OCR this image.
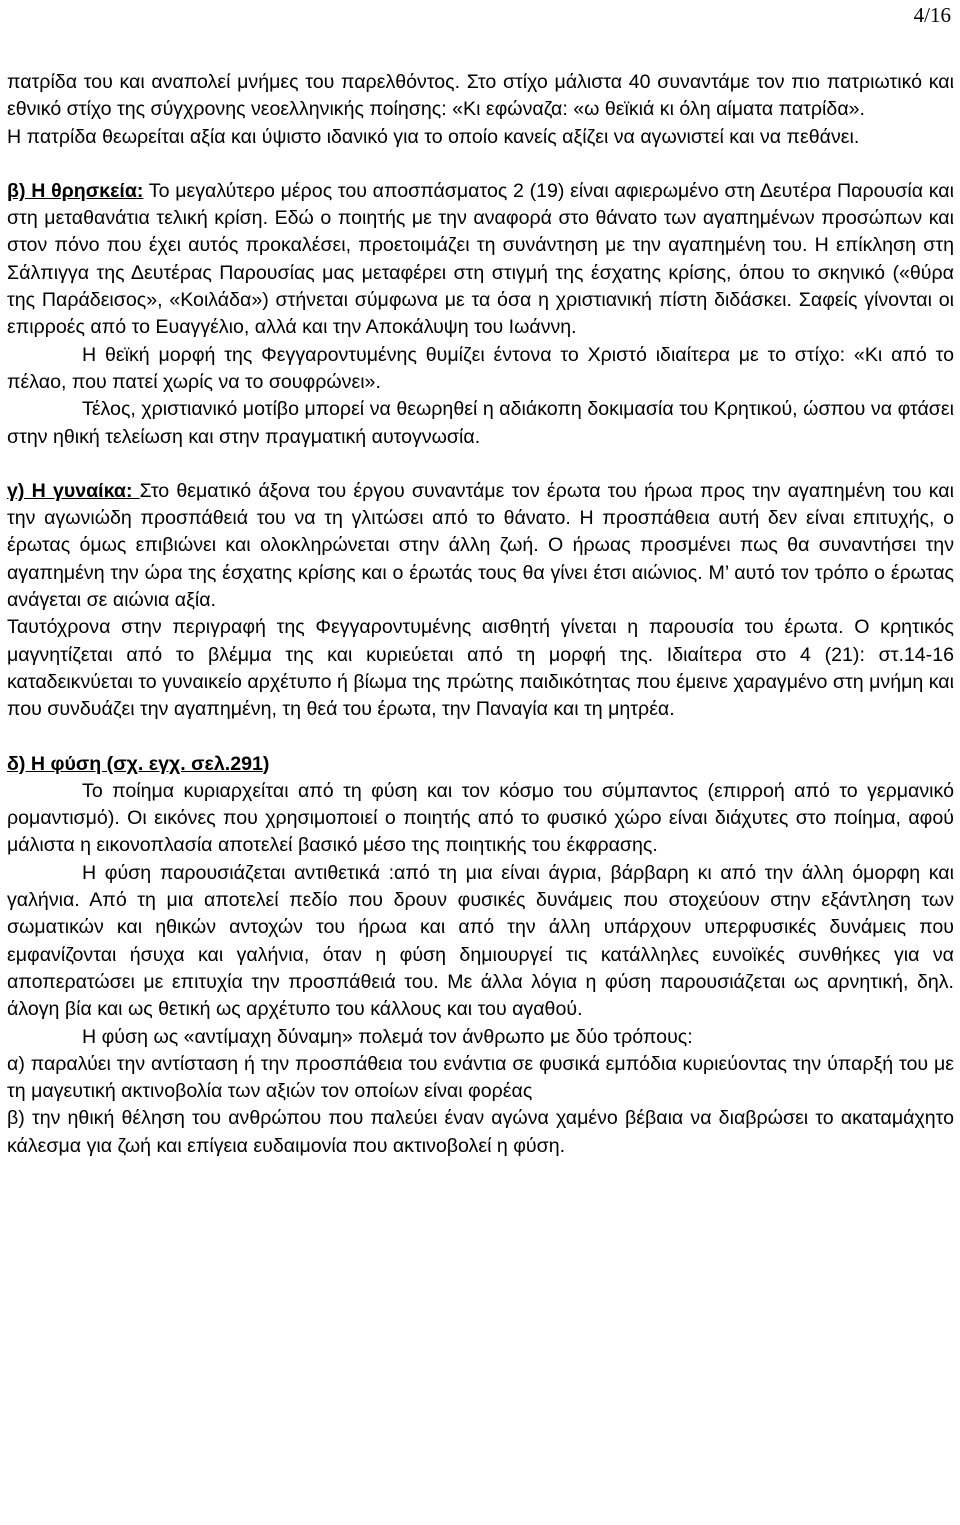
4/16

πατρίδα του και αναπολεί μνήμες του παρελθόντος. Στο στίχο μάλιστα 40 συναντάμε τον πιο πατριωτικό και εθνικό στίχο της σύγχρονης νεοελληνικής ποίησης: «Κι εφώναζα: «ω θεϊκιά κι όλη αίματα πατρίδα».

Η πατρίδα θεωρείται αξία και ύψιστο ιδανικό για το οποίο κανείς αξίζει να αγωνιστεί και να πεθάνει.

β) Η θρησκεία: Το μεγαλύτερο μέρος του αποσπάσματος 2 (19) είναι αφιερωμένο στη Δευτέρα Παρουσία και στη μεταθανάτια τελική κρίση. Εδώ ο ποιητής με την αναφορά στο θάνατο των αγαπημένων προσώπων και στον πόνο που έχει αυτός προκαλέσει, προετοιμάζει τη συνάντηση με την αγαπημένη του. Η επίκληση στη Σάλπιγγα της Δευτέρας Παρουσίας μας μεταφέρει στη στιγμή της έσχατης κρίσης, όπου το σκηνικό («θύρα της Παράδεισος», «Κοιλάδα») στήνεται σύμφωνα με τα όσα η χριστιανική πίστη διδάσκει. Σαφείς γίνονται οι επιρροές από το Ευαγγέλιο, αλλά και την Αποκάλυψη του Ιωάννη.

Η θεϊκή μορφή της Φεγγαροντυμένης θυμίζει έντονα το Χριστό ιδιαίτερα με το στίχο: «Κι από το πέλαο, που πατεί χωρίς να το σουφρώνει».

Τέλος, χριστιανικό μοτίβο μπορεί να θεωρηθεί η αδιάκοπη δοκιμασία του Κρητικού, ώσπου να φτάσει στην ηθική τελείωση και στην πραγματική αυτογνωσία.

γ) Η γυναίκα: Στο θεματικό άξονα του έργου συναντάμε τον έρωτα του ήρωα προς την αγαπημένη του και την αγωνιώδη προσπάθειά του να τη γλιτώσει από το θάνατο. Η προσπάθεια αυτή δεν είναι επιτυχής, ο έρωτας όμως επιβιώνει και ολοκληρώνεται στην άλλη ζωή. Ο ήρωας προσμένει πως θα συναντήσει την αγαπημένη την ώρα της έσχατης κρίσης και ο έρωτάς τους θα γίνει έτσι αιώνιος. Μ’ αυτό τον τρόπο ο έρωτας ανάγεται σε αιώνια αξία.

Ταυτόχρονα στην περιγραφή της Φεγγαροντυμένης αισθητή γίνεται η παρουσία του έρωτα. Ο κρητικός μαγνητίζεται από το βλέμμα της και κυριεύεται από τη μορφή της. Ιδιαίτερα στο 4 (21): στ.14-16 καταδεικνύεται το γυναικείο αρχέτυπο ή βίωμα της πρώτης παιδικότητας που έμεινε χαραγμένο στη μνήμη και που συνδυάζει την αγαπημένη, τη θεά του έρωτα, την Παναγία και τη μητρέα.

δ) Η φύση (σχ. εγχ. σελ.291)

Το ποίημα κυριαρχείται από τη φύση και τον κόσμο του σύμπαντος (επιρροή από το γερμανικό ρομαντισμό). Οι εικόνες που χρησιμοποιεί ο ποιητής από το φυσικό χώρο είναι διάχυτες στο ποίημα, αφού μάλιστα η εικονοπλασία αποτελεί βασικό μέσο της ποιητικής του έκφρασης.

Η φύση παρουσιάζεται αντιθετικά :από τη μια είναι άγρια, βάρβαρη κι από την άλλη όμορφη και γαλήνια. Από τη μια αποτελεί πεδίο που δρουν φυσικές δυνάμεις που στοχεύουν στην εξάντληση των σωματικών και ηθικών αντοχών του ήρωα και από την άλλη υπάρχουν υπερφυσικές δυνάμεις που εμφανίζονται ήσυχα και γαλήνια, όταν η φύση δημιουργεί τις κατάλληλες ευνοϊκές συνθήκες για να αποπερατώσει με επιτυχία την προσπάθειά του. Με άλλα λόγια η φύση παρουσιάζεται ως αρνητική, δηλ. άλογη βία και ως θετική ως αρχέτυπο του κάλλους και του αγαθού.

Η φύση ως «αντίμαχη δύναμη» πολεμά τον άνθρωπο με δύο τρόπους:

α) παραλύει την αντίσταση ή την προσπάθεια του ενάντια σε φυσικά εμπόδια κυριεύοντας την ύπαρξή του με τη μαγευτική ακτινοβολία των αξιών τον οποίων είναι φορέας

β) την ηθική θέληση του ανθρώπου που παλεύει έναν αγώνα χαμένο βέβαια να διαβρώσει το ακαταμάχητο κάλεσμα για ζωή και επίγεια ευδαιμονία που ακτινοβολεί η φύση.
